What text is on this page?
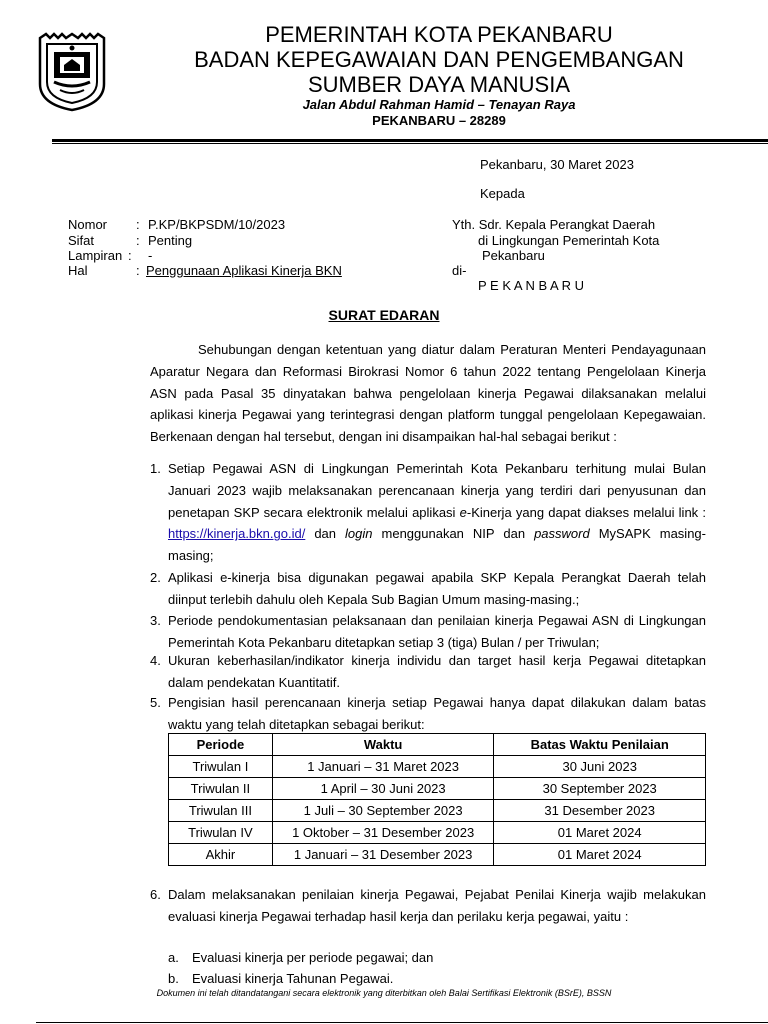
PEMERINTAH KOTA PEKANBARU
BADAN KEPEGAWAIAN DAN PENGEMBANGAN
SUMBER DAYA MANUSIA
Jalan Abdul Rahman Hamid – Tenayan Raya
PEKANBARU – 28289
Pekanbaru, 30 Maret 2023
Kepada
Yth. Sdr. Kepala Perangkat Daerah
di Lingkungan Pemerintah Kota
Pekanbaru
di-
P E K A N B A R U
Nomor : P.KP/BKPSDM/10/2023
Sifat	: Penting
Lampiran : -
Hal	: Penggunaan Aplikasi Kinerja BKN
SURAT EDARAN
Sehubungan dengan ketentuan yang diatur dalam Peraturan Menteri Pendayagunaan Aparatur Negara dan Reformasi Birokrasi Nomor 6 tahun 2022 tentang Pengelolaan Kinerja ASN pada Pasal 35 dinyatakan bahwa pengelolaan kinerja Pegawai dilaksanakan melalui aplikasi kinerja Pegawai yang terintegrasi dengan platform tunggal pengelolaan Kepegawaian. Berkenaan dengan hal tersebut, dengan ini disampaikan hal-hal sebagai berikut :
1. Setiap Pegawai ASN di Lingkungan Pemerintah Kota Pekanbaru terhitung mulai Bulan Januari 2023 wajib melaksanakan perencanaan kinerja yang terdiri dari penyusunan dan penetapan SKP secara elektronik melalui aplikasi e-Kinerja yang dapat diakses melalui link : https://kinerja.bkn.go.id/ dan login menggunakan NIP dan password MySAPK masing-masing;
2. Aplikasi e-kinerja bisa digunakan pegawai apabila SKP Kepala Perangkat Daerah telah diinput terlebih dahulu oleh Kepala Sub Bagian Umum masing-masing.;
3. Periode pendokumentasian pelaksanaan dan penilaian kinerja Pegawai ASN di Lingkungan Pemerintah Kota Pekanbaru ditetapkan setiap 3 (tiga) Bulan / per Triwulan;
4. Ukuran keberhasilan/indikator kinerja individu dan target hasil kerja Pegawai ditetapkan dalam pendekatan Kuantitatif.
5. Pengisian hasil perencanaan kinerja setiap Pegawai hanya dapat dilakukan dalam batas waktu yang telah ditetapkan sebagai berikut:
Periode	Waktu	Batas Waktu Penilaian
Triwulan I	1 Januari – 31 Maret 2023	30 Juni 2023
Triwulan II	1 April – 30 Juni 2023	30 September 2023
Triwulan III	1 Juli – 30 September 2023	31 Desember 2023
Triwulan IV	1 Oktober – 31 Desember 2023	01 Maret 2024
Akhir	1 Januari – 31 Desember 2023	01 Maret 2024
6. Dalam melaksanakan penilaian kinerja Pegawai, Pejabat Penilai Kinerja wajib melakukan evaluasi kinerja Pegawai terhadap hasil kerja dan perilaku kerja pegawai, yaitu :
a. Evaluasi kinerja per periode pegawai; dan
b. Evaluasi kinerja Tahunan Pegawai.
Dokumen ini telah ditandatangani secara elektronik yang diterbitkan oleh Balai Sertifikasi Elektronik (BSrE), BSSN
